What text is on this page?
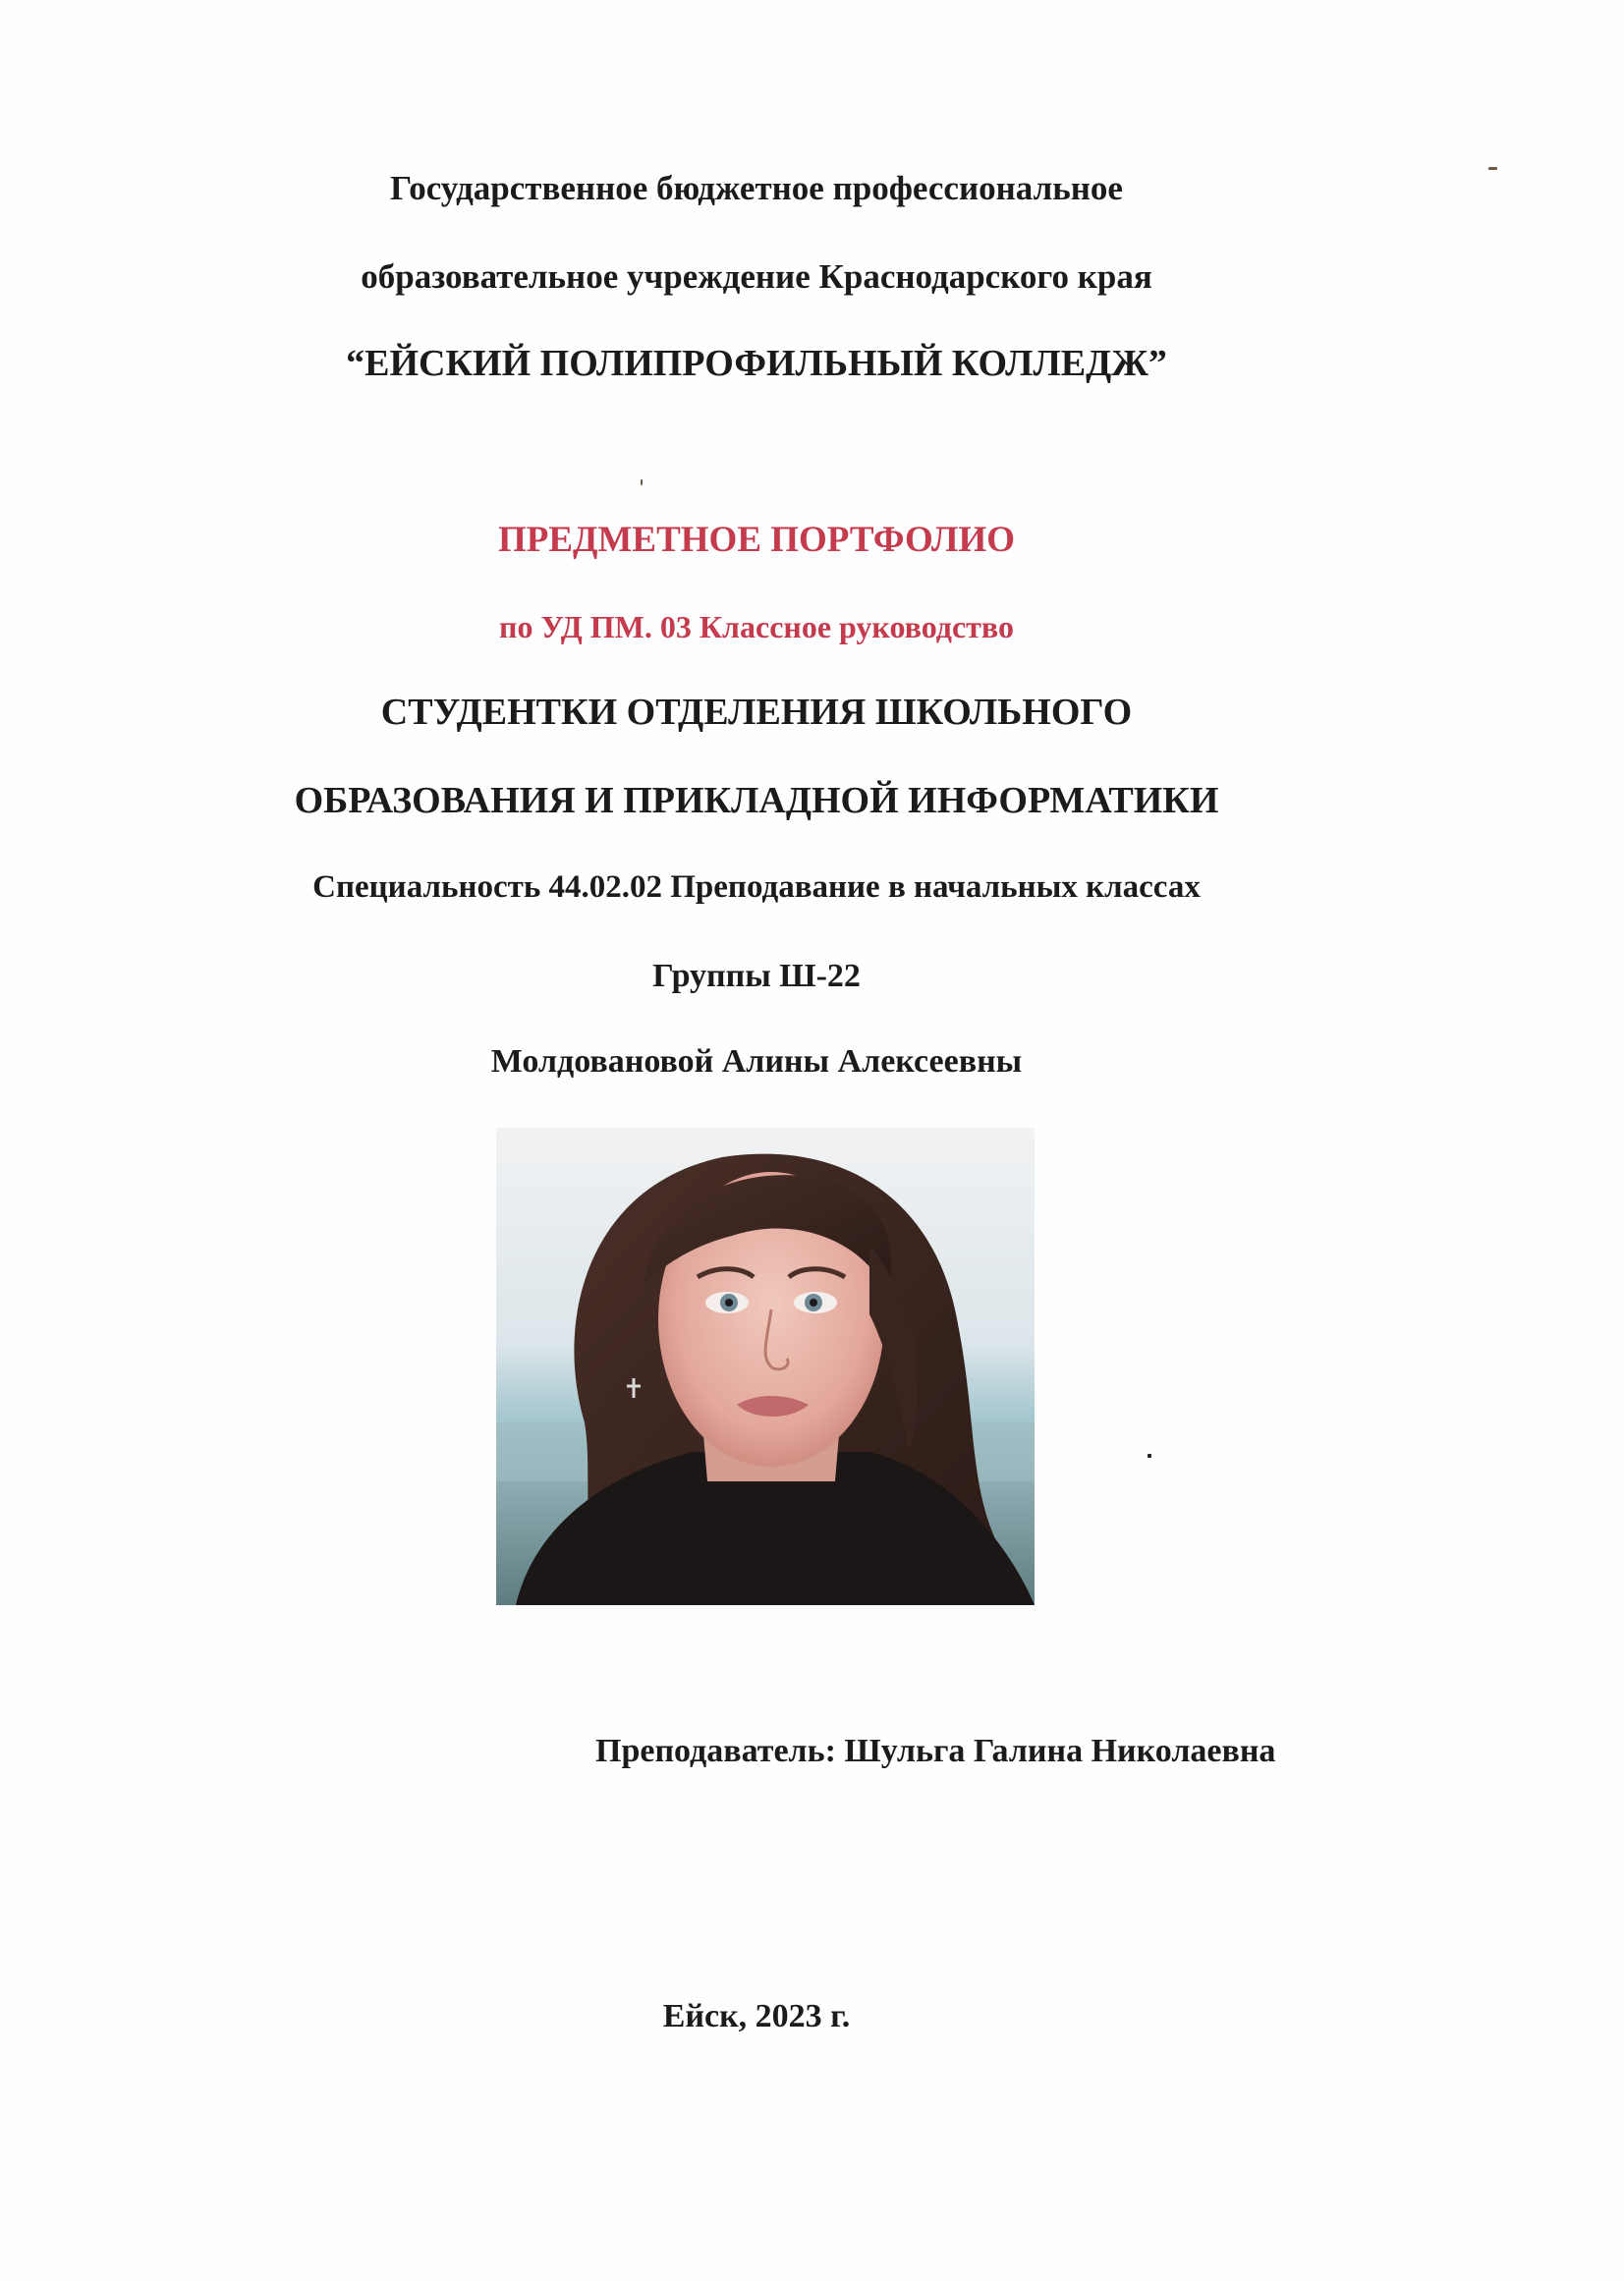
Государственное бюджетное профессиональное
образовательное учреждение Краснодарского края
“ЕЙСКИЙ ПОЛИПРОФИЛЬНЫЙ КОЛЛЕДЖ”
ПРЕДМЕТНОЕ ПОРТФОЛИО
по УД ПМ. 03 Классное руководство
СТУДЕНТКИ ОТДЕЛЕНИЯ ШКОЛЬНОГО
ОБРАЗОВАНИЯ И ПРИКЛАДНОЙ ИНФОРМАТИКИ
Специальность 44.02.02 Преподавание в начальных классах
Группы Ш-22
Молдовановой Алины Алексеевны
Преподаватель: Шульга Галина Николаевна
Ейск, 2023 г.
